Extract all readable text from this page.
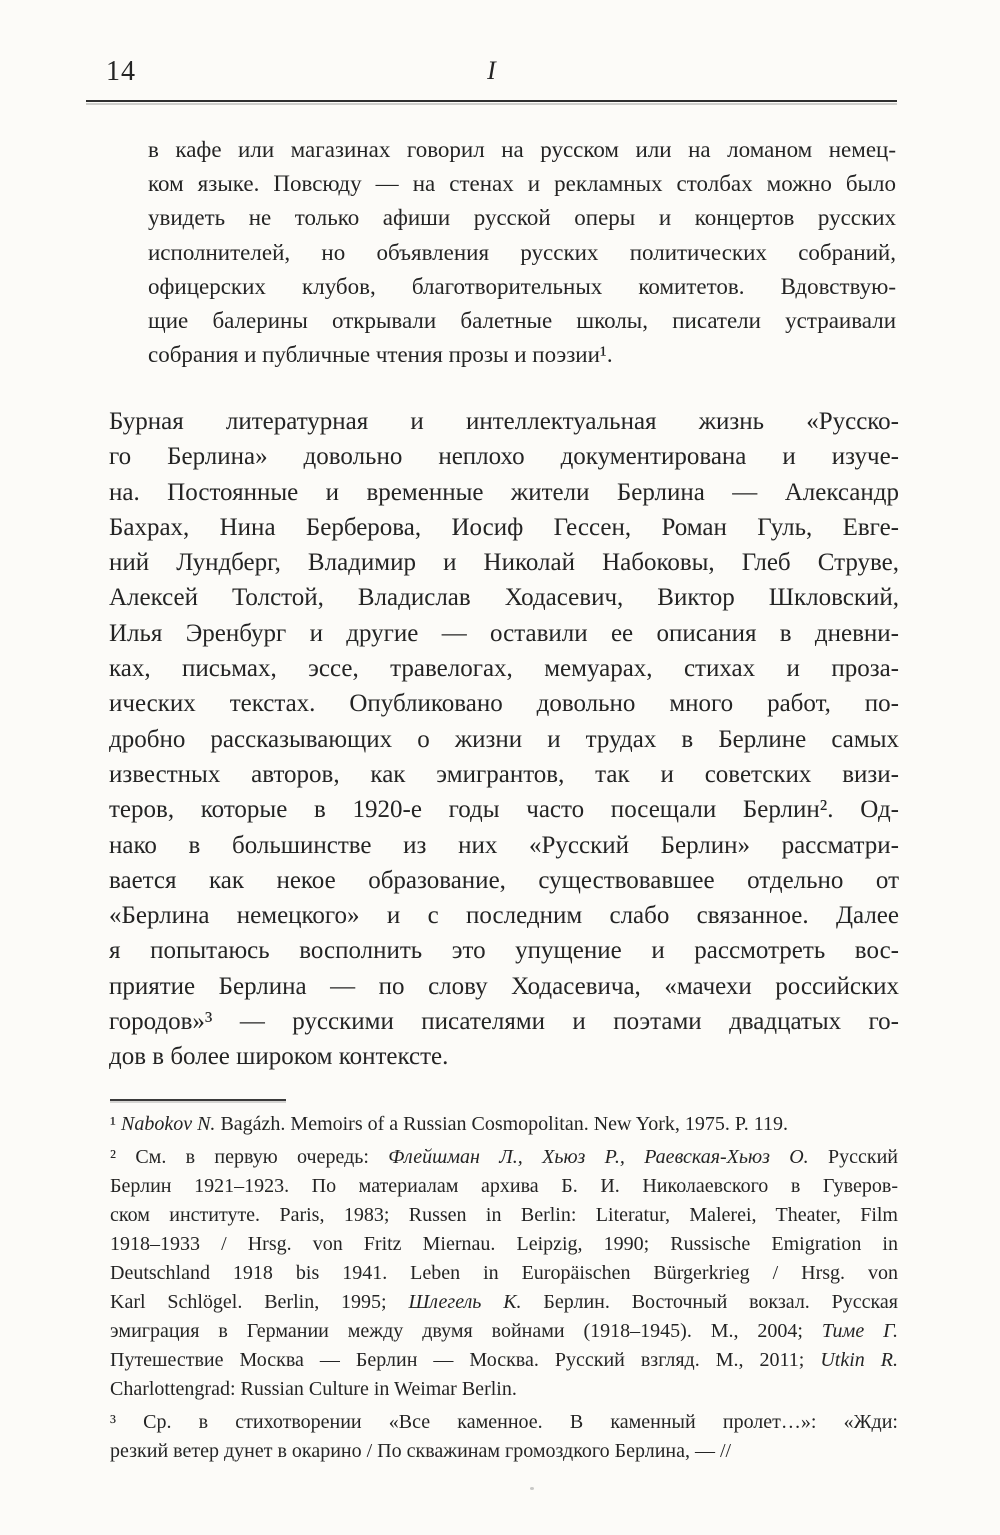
14	I
в кафе или магазинах говорил на русском или на ломаном немец-
ком языке. Повсюду — на стенах и рекламных столбах можно было
увидеть не только афиши русской оперы и концертов русских
исполнителей, но объявления русских политических собраний,
офицерских клубов, благотворительных комитетов. Вдовствую-
щие балерины открывали балетные школы, писатели устраивали
собрания и публичные чтения прозы и поэзии¹.
Бурная литературная и интеллектуальная жизнь «Русско-
го Берлина» довольно неплохо документирована и изуче-
на. Постоянные и временные жители Берлина — Александр
Бахрах, Нина Берберова, Иосиф Гессен, Роман Гуль, Евге-
ний Лундберг, Владимир и Николай Набоковы, Глеб Струве,
Алексей Толстой, Владислав Ходасевич, Виктор Шкловский,
Илья Эренбург и другие — оставили ее описания в дневни-
ках, письмах, эссе, травелогах, мемуарах, стихах и проза-
ических текстах. Опубликовано довольно много работ, по-
дробно рассказывающих о жизни и трудах в Берлине самых
известных авторов, как эмигрантов, так и советских визи-
теров, которые в 1920-е годы часто посещали Берлин². Од-
нако в большинстве из них «Русский Берлин» рассматри-
вается как некое образование, существовавшее отдельно от
«Берлина немецкого» и с последним слабо связанное. Далее
я попытаюсь восполнить это упущение и рассмотреть вос-
приятие Берлина — по слову Ходасевича, «мачехи российских
городов»³ — русскими писателями и поэтами двадцатых го-
дов в более широком контексте.
¹ Nabokov N. Bagázh. Memoirs of a Russian Cosmopolitan. New York, 1975. P. 119.
² См. в первую очередь: Флейшман Л., Хьюз Р., Раевская-Хьюз О. Русский
Берлин 1921–1923. По материалам архива Б. И. Николаевского в Гуверов-
ском институте. Paris, 1983; Russen in Berlin: Literatur, Malerei, Theater, Film
1918–1933 / Hrsg. von Fritz Miernau. Leipzig, 1990; Russische Emigration in
Deutschland 1918 bis 1941. Leben in Europäischen Bürgerkrieg / Hrsg. von
Karl Schlögel. Berlin, 1995; Шлегель К. Берлин. Восточный вокзал. Русская
эмиграция в Германии между двумя войнами (1918–1945). М., 2004; Тиме Г.
Путешествие Москва — Берлин — Москва. Русский взгляд. М., 2011; Utkin R.
Charlottengrad: Russian Culture in Weimar Berlin.
³ Ср. в стихотворении «Все каменное. В каменный пролет…»: «Жди:
резкий ветер дунет в окарино / По скважинам громоздкого Берлина, — //
